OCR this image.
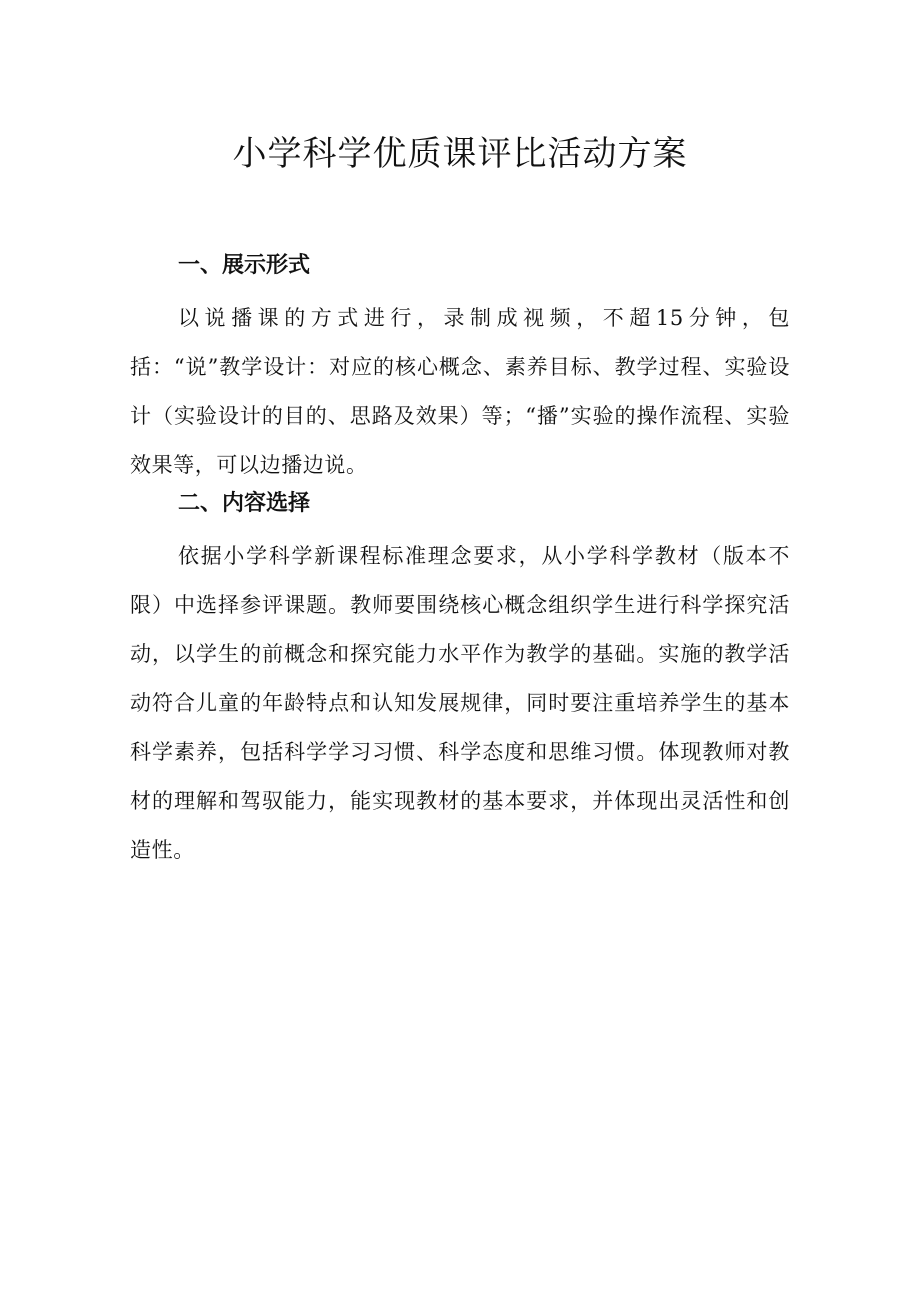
小学科学优质课评比活动方案
一、展示形式

以说播课的方式进行，录制成视频，不超15分钟，包括：“说”教学设计：对应的核心概念、素养目标、教学过程、实验设计（实验设计的目的、思路及效果）等；“播”实验的操作流程、实验效果等，可以边播边说。

二、内容选择

依据小学科学新课程标准理念要求，从小学科学教材（版本不限）中选择参评课题。教师要围绕核心概念组织学生进行科学探究活动，以学生的前概念和探究能力水平作为教学的基础。实施的教学活动符合儿童的年龄特点和认知发展规律，同时要注重培养学生的基本科学素养，包括科学学习习惯、科学态度和思维习惯。体现教师对教材的理解和驾驭能力，能实现教材的基本要求，并体现出灵活性和创造性。
